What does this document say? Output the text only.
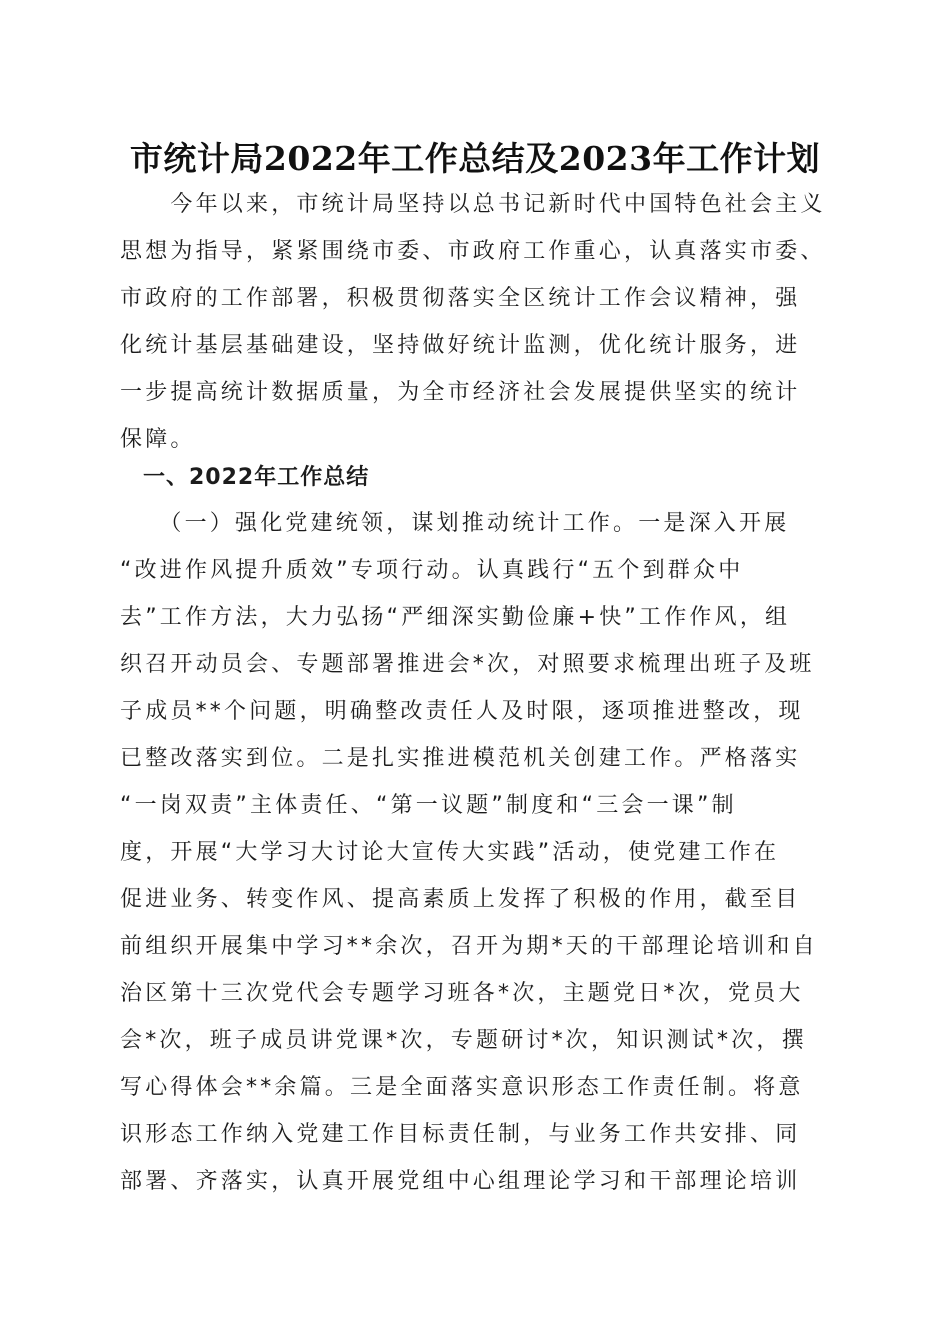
市统计局2022年工作总结及2023年工作计划
　　今年以来，市统计局坚持以总书记新时代中国特色社会主义
思想为指导，紧紧围绕市委、市政府工作重心，认真落实市委、
市政府的工作部署，积极贯彻落实全区统计工作会议精神，强
化统计基层基础建设，坚持做好统计监测，优化统计服务，进
一步提高统计数据质量，为全市经济社会发展提供坚实的统计
保障。
　一、2022年工作总结
　　（一）强化党建统领，谋划推动统计工作。一是深入开展
“改进作风提升质效”专项行动。认真践行“五个到群众中
去”工作方法，大力弘扬“严细深实勤俭廉+快”工作作风，组
织召开动员会、专题部署推进会*次，对照要求梳理出班子及班
子成员**个问题，明确整改责任人及时限，逐项推进整改，现
已整改落实到位。二是扎实推进模范机关创建工作。严格落实
“一岗双责”主体责任、“第一议题”制度和“三会一课”制
度，开展“大学习大讨论大宣传大实践”活动，使党建工作在
促进业务、转变作风、提高素质上发挥了积极的作用，截至目
前组织开展集中学习**余次，召开为期*天的干部理论培训和自
治区第十三次党代会专题学习班各*次，主题党日*次，党员大
会*次，班子成员讲党课*次，专题研讨*次，知识测试*次，撰
写心得体会**余篇。三是全面落实意识形态工作责任制。将意
识形态工作纳入党建工作目标责任制，与业务工作共安排、同
部署、齐落实，认真开展党组中心组理论学习和干部理论培训
